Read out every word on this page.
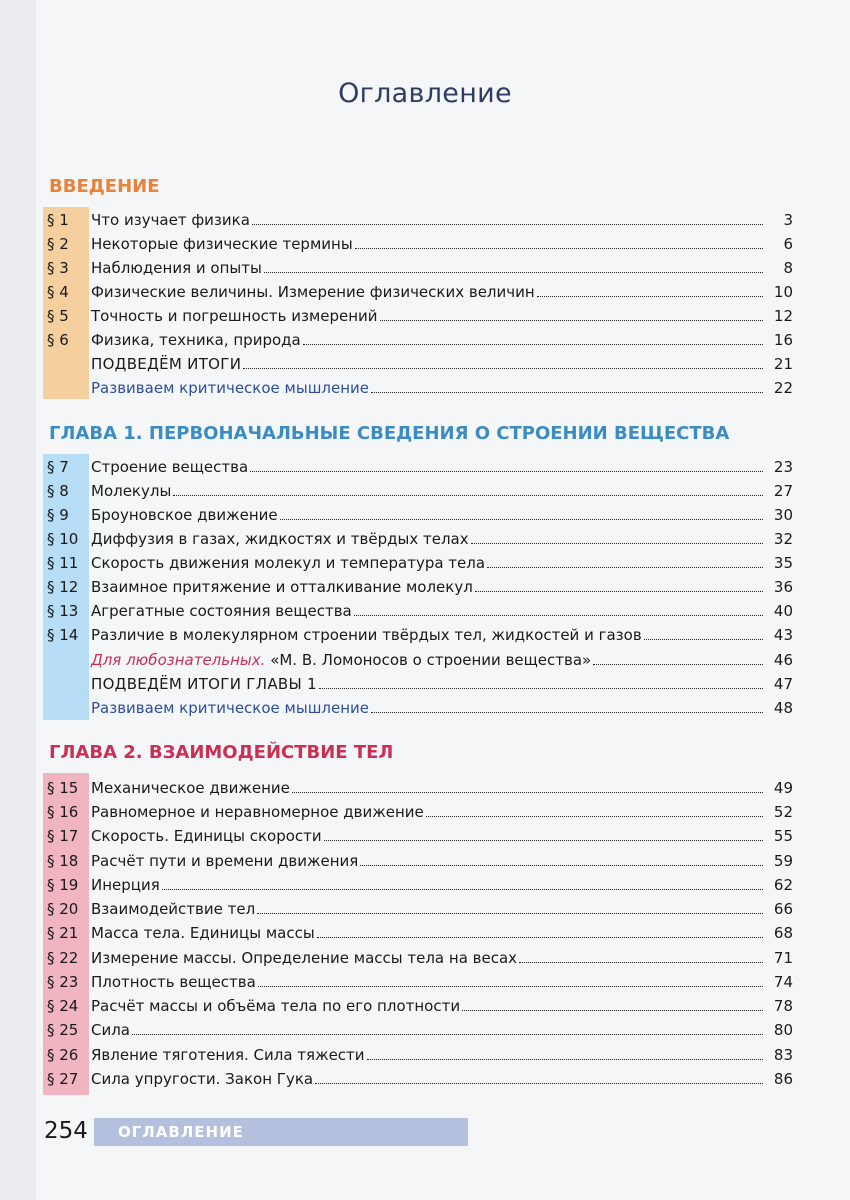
Оглавление
ВВЕДЕНИЕ
§ 1	Что изучает физика	3
§ 2	Некоторые физические термины	6
§ 3	Наблюдения и опыты	8
§ 4	Физические величины. Измерение физических величин	10
§ 5	Точность и погрешность измерений	12
§ 6	Физика, техника, природа	16
ПОДВЕДЁМ ИТОГИ	21
Развиваем критическое мышление	22
ГЛАВА 1. ПЕРВОНАЧАЛЬНЫЕ СВЕДЕНИЯ О СТРОЕНИИ ВЕЩЕСТВА
§ 7	Строение вещества	23
§ 8	Молекулы	27
§ 9	Броуновское движение	30
§ 10 Диффузия в газах, жидкостях и твёрдых телах	32
§ 11 Скорость движения молекул и температура тела	35
§ 12 Взаимное притяжение и отталкивание молекул	36
§ 13 Агрегатные состояния вещества	40
§ 14 Различие в молекулярном строении твёрдых тел, жидкостей и газов	43
Для любознательных. «М. В. Ломоносов о строении вещества»	46
ПОДВЕДЁМ ИТОГИ ГЛАВЫ 1	47
Развиваем критическое мышление	48
ГЛАВА 2. ВЗАИМОДЕЙСТВИЕ ТЕЛ
§ 15 Механическое движение	49
§ 16 Равномерное и неравномерное движение	52
§ 17 Скорость. Единицы скорости	55
§ 18 Расчёт пути и времени движения	59
§ 19 Инерция	62
§ 20 Взаимодействие тел	66
§ 21 Масса тела. Единицы массы	68
§ 22 Измерение массы. Определение массы тела на весах	71
§ 23 Плотность вещества	74
§ 24 Расчёт массы и объёма тела по его плотности	78
§ 25 Сила	80
§ 26 Явление тяготения. Сила тяжести	83
§ 27 Сила упругости. Закон Гука	86
254	ОГЛАВЛЕНИЕ
